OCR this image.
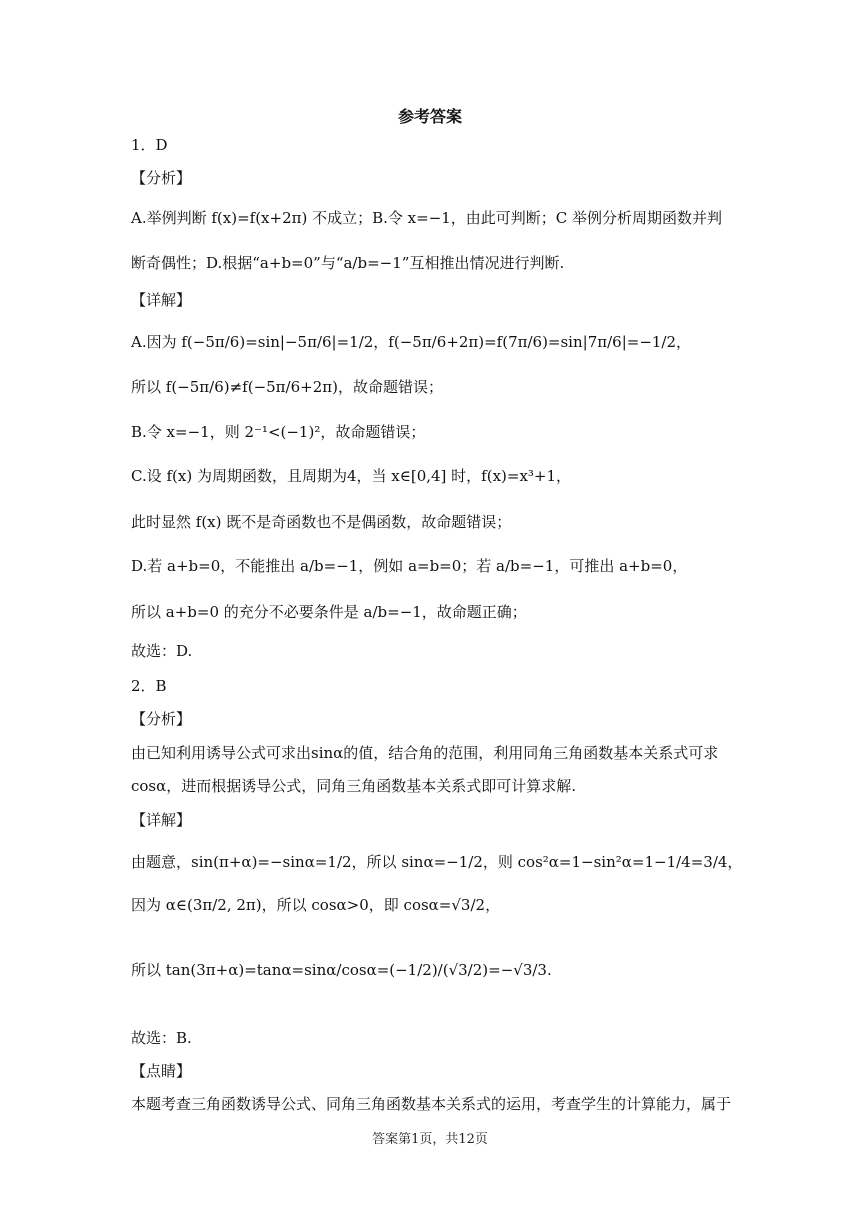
参考答案
1．D
【分析】
A.举例判断 f(x)=f(x+2π) 不成立；B.令 x=−1，由此可判断；C 举例分析周期函数并判
断奇偶性；D.根据“a+b=0”与“a/b=−1”互相推出情况进行判断.
【详解】
A.因为 f(−5π/6)=sin|−5π/6|=1/2，f(−5π/6+2π)=f(7π/6)=sin|7π/6|=−1/2，
所以 f(−5π/6)≠f(−5π/6+2π)，故命题错误；
B.令 x=−1，则 2⁻¹<(−1)²，故命题错误；
C.设 f(x) 为周期函数，且周期为4，当 x∈[0,4] 时，f(x)=x³+1，
此时显然 f(x) 既不是奇函数也不是偶函数，故命题错误；
D.若 a+b=0，不能推出 a/b=−1，例如 a=b=0；若 a/b=−1，可推出 a+b=0，
所以 a+b=0 的充分不必要条件是 a/b=−1，故命题正确；
故选：D.
2．B
【分析】
由已知利用诱导公式可求出sinα的值，结合角的范围，利用同角三角函数基本关系式可求
cosα，进而根据诱导公式，同角三角函数基本关系式即可计算求解.
【详解】
由题意，sin(π+α)=−sinα=1/2，所以 sinα=−1/2，则 cos²α=1−sin²α=1−1/4=3/4，
因为 α∈(3π/2, 2π)，所以 cosα>0，即 cosα=√3/2，
所以 tan(3π+α)=tanα=sinα/cosα=(−1/2)/(√3/2)=−√3/3.
故选：B.
【点睛】
本题考查三角函数诱导公式、同角三角函数基本关系式的运用，考查学生的计算能力，属于
答案第1页，共12页
